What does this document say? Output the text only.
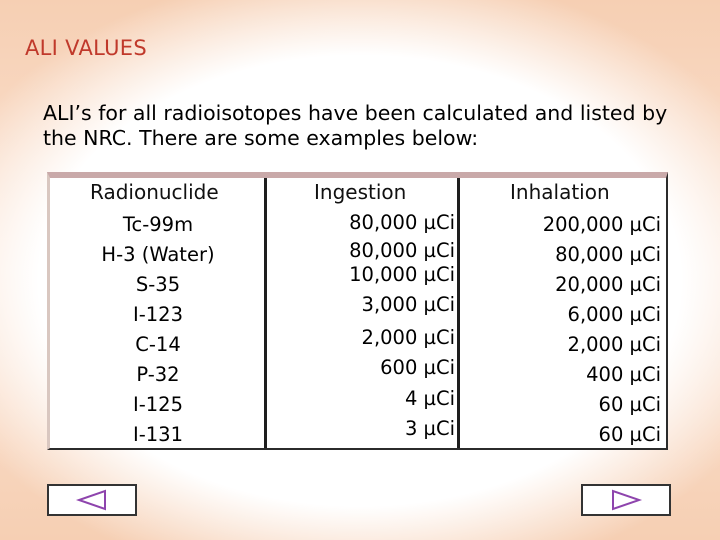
ALI VALUES
ALI’s for all radioisotopes have been calculated and listed by the NRC. There are some examples below:
Radionuclide	Ingestion	Inhalation
Tc-99m
H-3 (Water)
S-35
I-123
C-14
P-32
I-125
I-131
80,000 µCi
80,000 µCi
10,000 µCi
3,000 µCi
2,000 µCi
600 µCi
4 µCi
3 µCi
200,000 µCi
80,000 µCi
20,000 µCi
6,000 µCi
2,000 µCi
400 µCi
60 µCi
60 µCi
